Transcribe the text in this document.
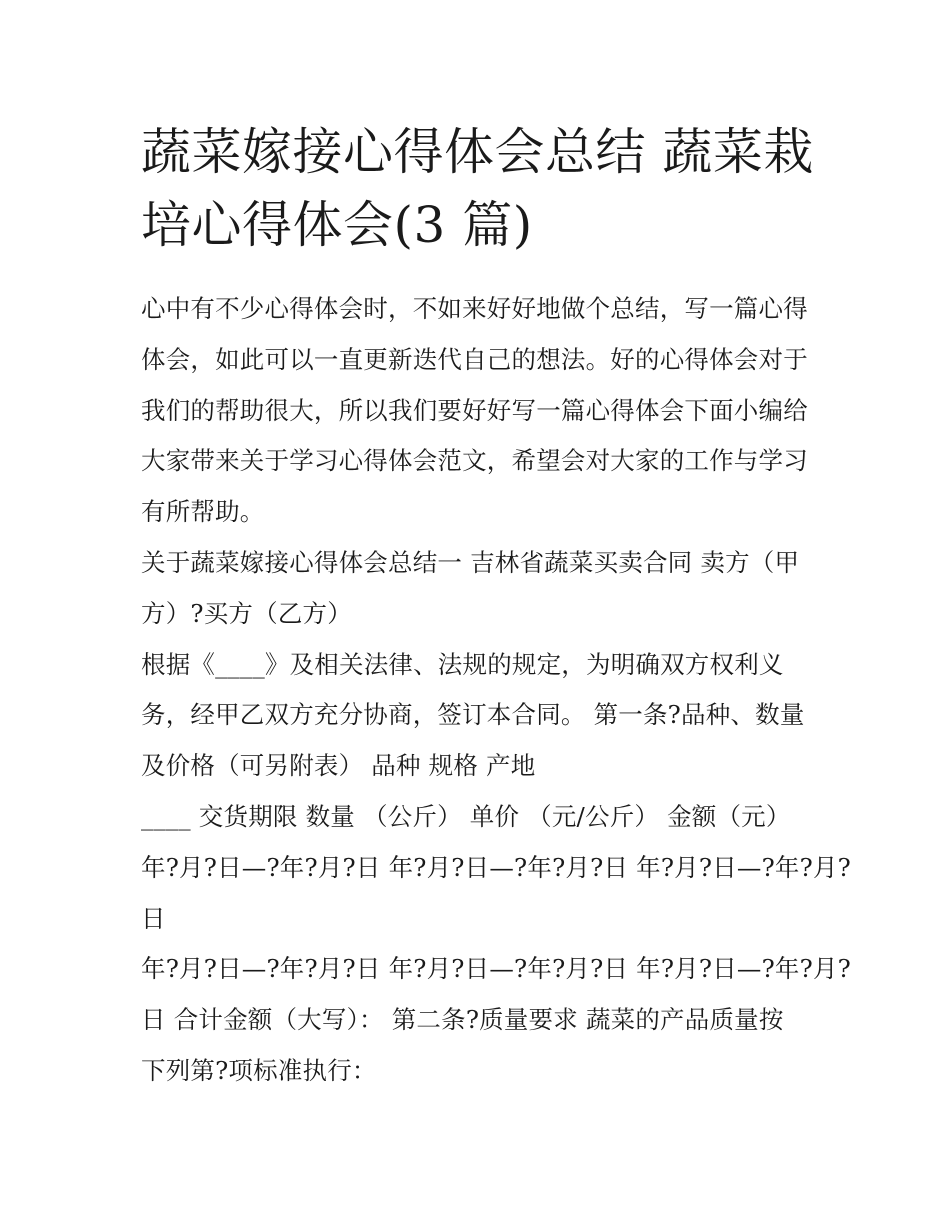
蔬菜嫁接心得体会总结 蔬菜栽
培心得体会(3 篇)
心中有不少心得体会时，不如来好好地做个总结，写一篇心得
体会，如此可以一直更新迭代自己的想法。好的心得体会对于
我们的帮助很大，所以我们要好好写一篇心得体会下面小编给
大家带来关于学习心得体会范文，希望会对大家的工作与学习
有所帮助。
关于蔬菜嫁接心得体会总结一 吉林省蔬菜买卖合同 卖方（甲
方）?买方（乙方）
根据《____》及相关法律、法规的规定，为明确双方权利义
务，经甲乙双方充分协商，签订本合同。 第一条?品种、数量
及价格（可另附表） 品种 规格 产地
____ 交货期限 数量 （公斤） 单价 （元/公斤） 金额（元）
年?月?日—?年?月?日 年?月?日—?年?月?日 年?月?日—?年?月?
日
年?月?日—?年?月?日 年?月?日—?年?月?日 年?月?日—?年?月?
日 合计金额（大写）： 第二条?质量要求 蔬菜的产品质量按
下列第?项标准执行：
